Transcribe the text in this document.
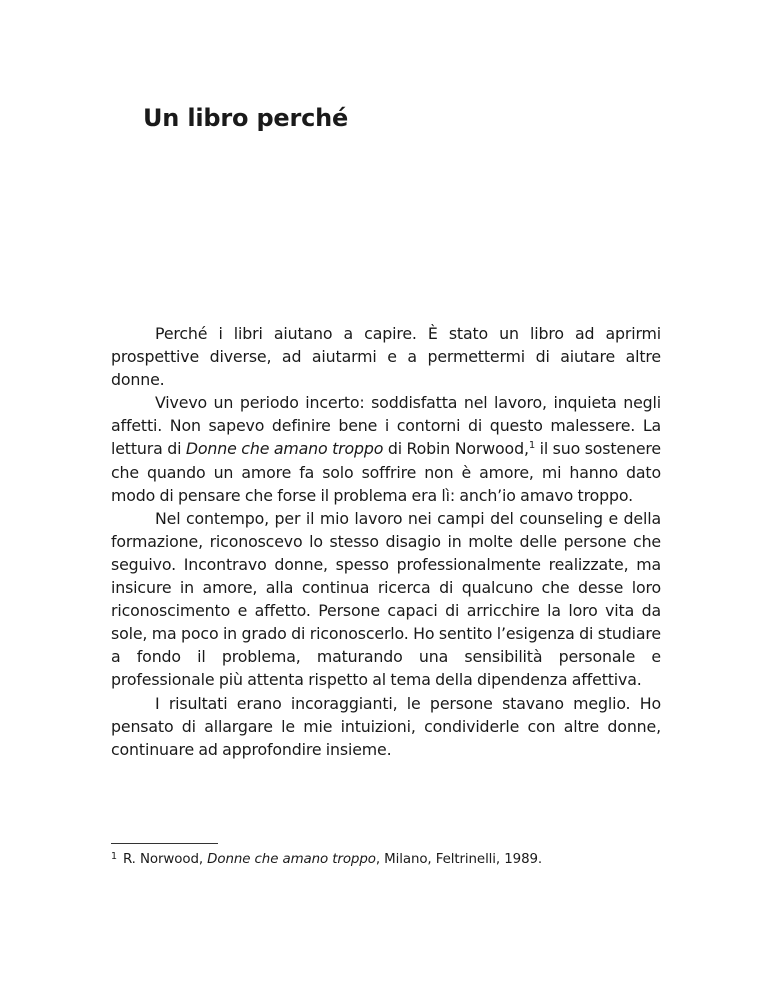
Un libro perché

Perché i libri aiutano a capire. È stato un libro ad aprirmi prospettive diverse, ad aiutarmi e a permettermi di aiutare altre donne.

Vivevo un periodo incerto: soddisfatta nel lavoro, inquieta negli affetti. Non sapevo definire bene i contorni di questo malessere. La lettura di Donne che amano troppo di Robin Norwood,$^1$ il suo sostenere che quando un amore fa solo soffrire non è amore, mi hanno dato modo di pensare che forse il problema era lì: anch’io amavo troppo.

Nel contempo, per il mio lavoro nei campi del counseling e della formazione, riconoscevo lo stesso disagio in molte delle persone che seguivo. Incontravo donne, spesso professionalmente realizzate, ma insicure in amore, alla continua ricerca di qualcuno che desse loro riconoscimento e affetto. Persone capaci di arricchire la loro vita da sole, ma poco in grado di riconoscerlo. Ho sentito l’esigenza di studiare a fondo il problema, maturando una sensibilità personale e professionale più attenta rispetto al tema della dipendenza affettiva.

I risultati erano incoraggianti, le persone stavano meglio. Ho pensato di allargare le mie intuizioni, condividerle con altre donne, continuare ad approfondire insieme.

$^1$ R. Norwood, Donne che amano troppo, Milano, Feltrinelli, 1989.
